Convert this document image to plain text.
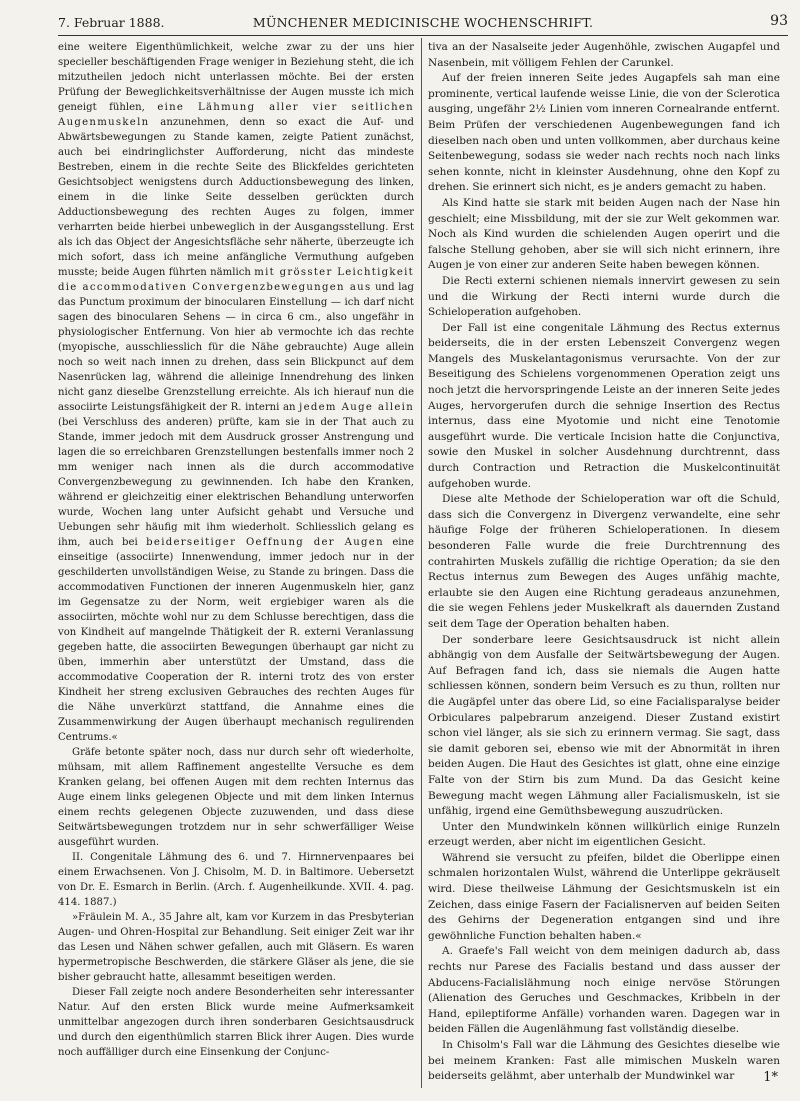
7. Februar 1888.	MÜNCHENER MEDICINISCHE WOCHENSCHRIFT.	93

eine weitere Eigenthümlichkeit, welche zwar zu der uns hier specieller beschäftigenden Frage weniger in Beziehung steht, die ich mitzutheilen jedoch nicht unterlassen möchte. Bei der ersten Prüfung der Beweglichkeitsverhältnisse der Augen musste ich mich geneigt fühlen, eine Lähmung aller vier seitlichen Augenmuskeln anzunehmen, denn so exact die Auf- und Abwärtsbewegungen zu Stande kamen, zeigte Patient zunächst, auch bei eindringlichster Aufforderung, nicht das mindeste Bestreben, einem in die rechte Seite des Blickfeldes gerichteten Gesichtsobject wenigstens durch Adductionsbewegung des linken, einem in die linke Seite desselben gerückten durch Adductionsbewegung des rechten Auges zu folgen, immer verharrten beide hierbei unbeweglich in der Ausgangsstellung. Erst als ich das Object der Angesichtsfläche sehr näherte, überzeugte ich mich sofort, dass ich meine anfängliche Vermuthung aufgeben musste; beide Augen führten nämlich mit grösster Leichtigkeit die accommodativen Convergenzbewegungen aus und lag das Punctum proximum der binocularen Einstellung — ich darf nicht sagen des binocularen Sehens — in circa 6 cm., also ungefähr in physiologischer Entfernung. Von hier ab vermochte ich das rechte (myopische, ausschliesslich für die Nähe gebrauchte) Auge allein noch so weit nach innen zu drehen, dass sein Blickpunct auf dem Nasenrücken lag, während die alleinige Innendrehung des linken nicht ganz dieselbe Grenzstellung erreichte. Als ich hierauf nun die associirte Leistungsfähigkeit der R. interni an jedem Auge allein (bei Verschluss des anderen) prüfte, kam sie in der That auch zu Stande, immer jedoch mit dem Ausdruck grosser Anstrengung und lagen die so erreichbaren Grenzstellungen bestenfalls immer noch 2 mm weniger nach innen als die durch accommodative Convergenzbewegung zu gewinnenden. Ich habe den Kranken, während er gleichzeitig einer elektrischen Behandlung unterworfen wurde, Wochen lang unter Aufsicht gehabt und Versuche und Uebungen sehr häufig mit ihm wiederholt. Schliesslich gelang es ihm, auch bei beiderseitiger Oeffnung der Augen eine einseitige (associirte) Innenwendung, immer jedoch nur in der geschilderten unvollständigen Weise, zu Stande zu bringen. Dass die accommodativen Functionen der inneren Augenmuskeln hier, ganz im Gegensatze zu der Norm, weit ergiebiger waren als die associirten, möchte wohl nur zu dem Schlusse berechtigen, dass die von Kindheit auf mangelnde Thätigkeit der R. externi Veranlassung gegeben hatte, die associirten Bewegungen überhaupt gar nicht zu üben, immerhin aber unterstützt der Umstand, dass die accommodative Cooperation der R. interni trotz des von erster Kindheit her streng exclusiven Gebrauches des rechten Auges für die Nähe unverkürzt stattfand, die Annahme eines die Zusammenwirkung der Augen überhaupt mechanisch regulirenden Centrums.«

Gräfe betonte später noch, dass nur durch sehr oft wiederholte, mühsam, mit allem Raffinement angestellte Versuche es dem Kranken gelang, bei offenen Augen mit dem rechten Internus das Auge einem links gelegenen Objecte und mit dem linken Internus einem rechts gelegenen Objecte zuzuwenden, und dass diese Seitwärtsbewegungen trotzdem nur in sehr schwerfälliger Weise ausgeführt wurden.

II. Congenitale Lähmung des 6. und 7. Hirnnervenpaares bei einem Erwachsenen. Von J. Chisolm, M. D. in Baltimore. Uebersetzt von Dr. E. Esmarch in Berlin. (Arch. f. Augenheilkunde. XVII. 4. pag. 414. 1887.)

»Fräulein M. A., 35 Jahre alt, kam vor Kurzem in das Presbyterian Augen- und Ohren-Hospital zur Behandlung. Seit einiger Zeit war ihr das Lesen und Nähen schwer gefallen, auch mit Gläsern. Es waren hypermetropische Beschwerden, die stärkere Gläser als jene, die sie bisher gebraucht hatte, allesammt beseitigen werden.

Dieser Fall zeigte noch andere Besonderheiten sehr interessanter Natur. Auf den ersten Blick wurde meine Aufmerksamkeit unmittelbar angezogen durch ihren sonderbaren Gesichtsausdruck und durch den eigenthümlich starren Blick ihrer Augen. Dies wurde noch auffälliger durch eine Einsenkung der Conjunc-

tiva an der Nasalseite jeder Augenhöhle, zwischen Augapfel und Nasenbein, mit völligem Fehlen der Carunkel.

Auf der freien inneren Seite jedes Augapfels sah man eine prominente, vertical laufende weisse Linie, die von der Sclerotica ausging, ungefähr 2½ Linien vom inneren Cornealrande entfernt. Beim Prüfen der verschiedenen Augenbewegungen fand ich dieselben nach oben und unten vollkommen, aber durchaus keine Seitenbewegung, sodass sie weder nach rechts noch nach links sehen konnte, nicht in kleinster Ausdehnung, ohne den Kopf zu drehen. Sie erinnert sich nicht, es je anders gemacht zu haben.

Als Kind hatte sie stark mit beiden Augen nach der Nase hin geschielt; eine Missbildung, mit der sie zur Welt gekommen war. Noch als Kind wurden die schielenden Augen operirt und die falsche Stellung gehoben, aber sie will sich nicht erinnern, ihre Augen je von einer zur anderen Seite haben bewegen können.

Die Recti externi schienen niemals innervirt gewesen zu sein und die Wirkung der Recti interni wurde durch die Schieloperation aufgehoben.

Der Fall ist eine congenitale Lähmung des Rectus externus beiderseits, die in der ersten Lebenszeit Convergenz wegen Mangels des Muskelantagonismus verursachte. Von der zur Beseitigung des Schielens vorgenommenen Operation zeigt uns noch jetzt die hervorspringende Leiste an der inneren Seite jedes Auges, hervorgerufen durch die sehnige Insertion des Rectus internus, dass eine Myotomie und nicht eine Tenotomie ausgeführt wurde. Die verticale Incision hatte die Conjunctiva, sowie den Muskel in solcher Ausdehnung durchtrennt, dass durch Contraction und Retraction die Muskelcontinuität aufgehoben wurde.

Diese alte Methode der Schieloperation war oft die Schuld, dass sich die Convergenz in Divergenz verwandelte, eine sehr häufige Folge der früheren Schieloperationen. In diesem besonderen Falle wurde die freie Durchtrennung des contrahirten Muskels zufällig die richtige Operation; da sie den Rectus internus zum Bewegen des Auges unfähig machte, erlaubte sie den Augen eine Richtung geradeaus anzunehmen, die sie wegen Fehlens jeder Muskelkraft als dauernden Zustand seit dem Tage der Operation behalten haben.

Der sonderbare leere Gesichtsausdruck ist nicht allein abhängig von dem Ausfalle der Seitwärtsbewegung der Augen. Auf Befragen fand ich, dass sie niemals die Augen hatte schliessen können, sondern beim Versuch es zu thun, rollten nur die Augäpfel unter das obere Lid, so eine Facialisparalyse beider Orbiculares palpebrarum anzeigend. Dieser Zustand existirt schon viel länger, als sie sich zu erinnern vermag. Sie sagt, dass sie damit geboren sei, ebenso wie mit der Abnormität in ihren beiden Augen. Die Haut des Gesichtes ist glatt, ohne eine einzige Falte von der Stirn bis zum Mund. Da das Gesicht keine Bewegung macht wegen Lähmung aller Facialismuskeln, ist sie unfähig, irgend eine Gemüthsbewegung auszudrücken.

Unter den Mundwinkeln können willkürlich einige Runzeln erzeugt werden, aber nicht im eigentlichen Gesicht.

Während sie versucht zu pfeifen, bildet die Oberlippe einen schmalen horizontalen Wulst, während die Unterlippe gekräuselt wird. Diese theilweise Lähmung der Gesichtsmuskeln ist ein Zeichen, dass einige Fasern der Facialisnerven auf beiden Seiten des Gehirns der Degeneration entgangen sind und ihre gewöhnliche Function behalten haben.«

A. Graefe's Fall weicht von dem meinigen dadurch ab, dass rechts nur Parese des Facialis bestand und dass ausser der Abducens-Facialislähmung noch einige nervöse Störungen (Alienation des Geruches und Geschmackes, Kribbeln in der Hand, epileptiforme Anfälle) vorhanden waren. Dagegen war in beiden Fällen die Augenlähmung fast vollständig dieselbe.

In Chisolm's Fall war die Lähmung des Gesichtes dieselbe wie bei meinem Kranken: Fast alle mimischen Muskeln waren beiderseits gelähmt, aber unterhalb der Mundwinkel war	1*
